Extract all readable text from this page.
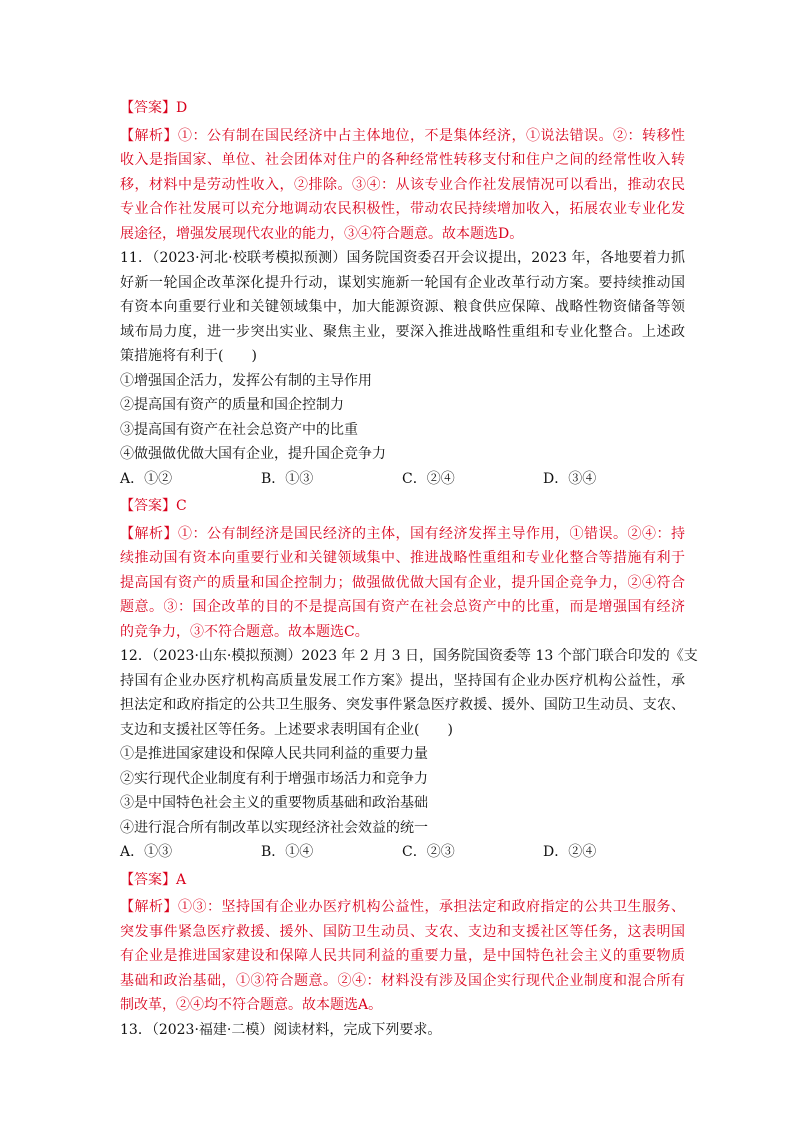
【答案】D
【解析】①：公有制在国民经济中占主体地位，不是集体经济，①说法错误。②：转移性
收入是指国家、单位、社会团体对住户的各种经常性转移支付和住户之间的经常性收入转
移，材料中是劳动性收入，②排除。③④：从该专业合作社发展情况可以看出，推动农民
专业合作社发展可以充分地调动农民积极性，带动农民持续增加收入，拓展农业专业化发
展途径，增强发展现代农业的能力，③④符合题意。故本题选D。
11．（2023·河北·校联考模拟预测）国务院国资委召开会议提出，2023 年，各地要着力抓
好新一轮国企改革深化提升行动，谋划实施新一轮国有企业改革行动方案。要持续推动国
有资本向重要行业和关键领域集中，加大能源资源、粮食供应保障、战略性物资储备等领
域布局力度，进一步突出实业、聚焦主业，要深入推进战略性重组和专业化整合。上述政
策措施将有利于(　　)
①增强国企活力，发挥公有制的主导作用
②提高国有资产的质量和国企控制力
③提高国有资产在社会总资产中的比重
④做强做优做大国有企业，提升国企竞争力
A．①②	B．①③	C．②④	D．③④
【答案】C
【解析】①：公有制经济是国民经济的主体，国有经济发挥主导作用，①错误。②④：持
续推动国有资本向重要行业和关键领域集中、推进战略性重组和专业化整合等措施有利于
提高国有资产的质量和国企控制力；做强做优做大国有企业，提升国企竞争力，②④符合
题意。③：国企改革的目的不是提高国有资产在社会总资产中的比重，而是增强国有经济
的竞争力，③不符合题意。故本题选C。
12．（2023·山东·模拟预测）2023 年 2 月 3 日，国务院国资委等 13 个部门联合印发的《支
持国有企业办医疗机构高质量发展工作方案》提出，坚持国有企业办医疗机构公益性，承
担法定和政府指定的公共卫生服务、突发事件紧急医疗救援、援外、国防卫生动员、支农、
支边和支援社区等任务。上述要求表明国有企业(　　)
①是推进国家建设和保障人民共同利益的重要力量
②实行现代企业制度有利于增强市场活力和竞争力
③是中国特色社会主义的重要物质基础和政治基础
④进行混合所有制改革以实现经济社会效益的统一
A．①③	B．①④	C．②③	D．②④
【答案】A
【解析】①③：坚持国有企业办医疗机构公益性，承担法定和政府指定的公共卫生服务、
突发事件紧急医疗救援、援外、国防卫生动员、支农、支边和支援社区等任务，这表明国
有企业是推进国家建设和保障人民共同利益的重要力量，是中国特色社会主义的重要物质
基础和政治基础，①③符合题意。②④：材料没有涉及国企实行现代企业制度和混合所有
制改革，②④均不符合题意。故本题选A。
13．（2023·福建·二模）阅读材料，完成下列要求。
